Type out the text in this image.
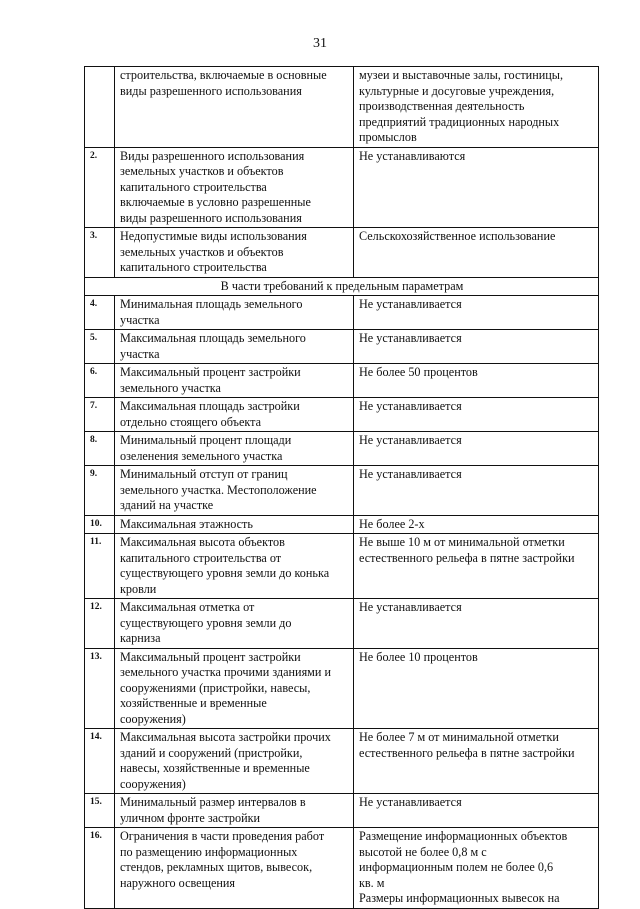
31
	строительства, включаемые в основные
виды разрешенного использования	музеи и выставочные залы, гостиницы,
культурные и досуговые учреждения,
производственная деятельность
предприятий традиционных народных
промыслов
2.	Виды разрешенного использования
земельных участков и объектов
капитального строительства
включаемые в условно разрешенные
виды разрешенного использования	Не устанавливаются
3.	Недопустимые виды использования
земельных участков и объектов
капитального строительства	Сельскохозяйственное использование
В части требований к предельным параметрам		
4.	Минимальная площадь земельного
участка	Не устанавливается
5.	Максимальная площадь земельного
участка	Не устанавливается
6.	Максимальный процент застройки
земельного участка	Не более 50 процентов
7.	Максимальная площадь застройки
отдельно стоящего объекта	Не устанавливается
8.	Минимальный процент площади
озеленения земельного участка	Не устанавливается
9.	Минимальный отступ от границ
земельного участка. Местоположение
зданий на участке	Не устанавливается
10.	Максимальная этажность	Не более 2-х
11.	Максимальная высота объектов
капитального строительства от
существующего уровня земли до конька
кровли	Не выше 10 м от минимальной отметки
естественного рельефа в пятне застройки
12.	Максимальная отметка от
существующего уровня земли до
карниза	Не устанавливается
13.	Максимальный процент застройки
земельного участка прочими зданиями и
сооружениями (пристройки, навесы,
хозяйственные и временные
сооружения)	Не более 10 процентов
14.	Максимальная высота застройки прочих
зданий и сооружений (пристройки,
навесы, хозяйственные и временные
сооружения)	Не более 7 м от минимальной отметки
естественного рельефа в пятне застройки
15.	Минимальный размер интервалов в
уличном фронте застройки	Не устанавливается
16.	Ограничения в части проведения работ
по размещению информационных
стендов, рекламных щитов, вывесок,
наружного освещения	Размещение информационных объектов
высотой не более 0,8 м с
информационным полем не более 0,6
кв. м
Размеры информационных вывесок на
